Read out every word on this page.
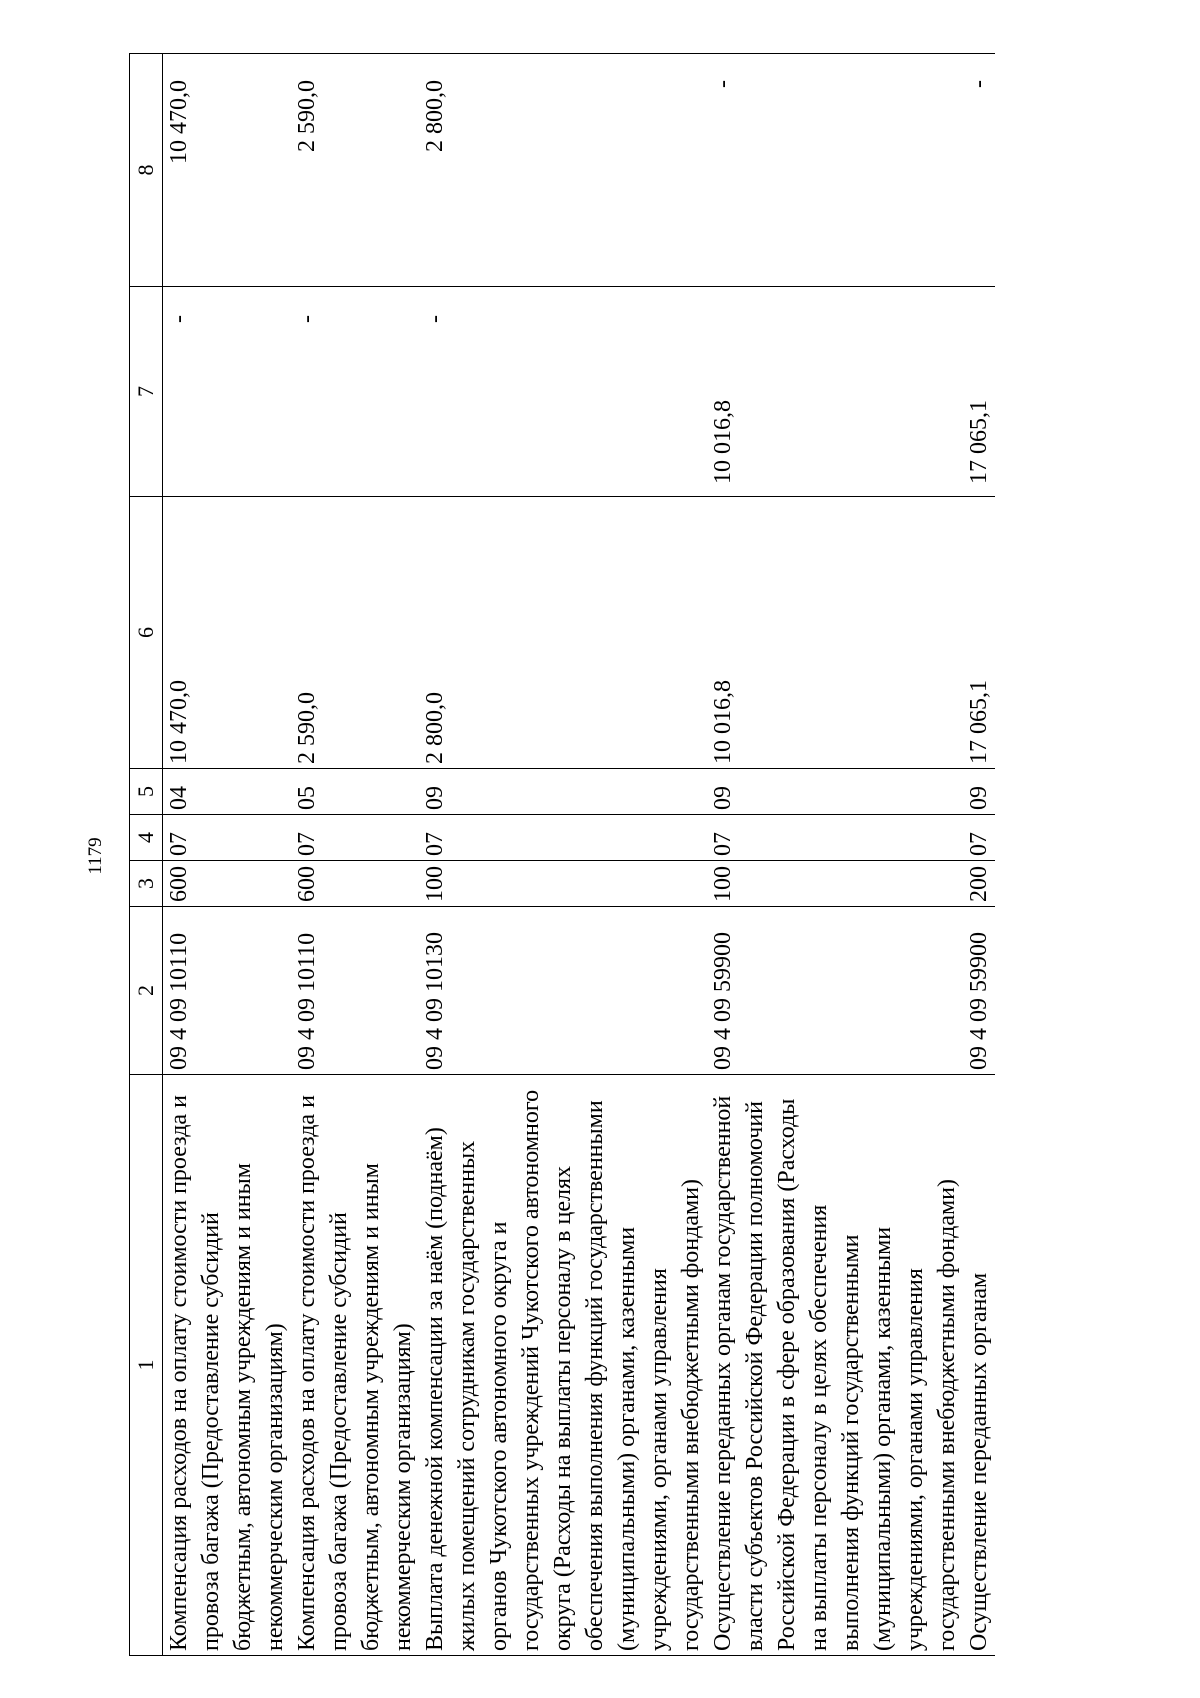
1179
1	2	3	4	5	6	7	8
Компенсация расходов на оплату стоимости проезда и провоза багажа (Предоставление субсидий бюджетным, автономным учреждениям и иным некоммерческим организациям)	09 4 09 10110	600	07	04	10 470,0	-	10 470,0
Компенсация расходов на оплату стоимости проезда и провоза багажа (Предоставление субсидий бюджетным, автономным учреждениям и иным некоммерческим организациям)	09 4 09 10110	600	07	05	2 590,0	-	2 590,0
Выплата денежной компенсации за наём (поднаём) жилых помещений сотрудникам государственных органов Чукотского автономного округа и государственных учреждений Чукотского автономного округа (Расходы на выплаты персоналу в целях обеспечения выполнения функций государственными (муниципальными) органами, казенными учреждениями, органами управления государственными внебюджетными фондами)	09 4 09 10130	100	07	09	2 800,0	-	2 800,0
Осуществление переданных органам государственной власти субъектов Российской Федерации полномочий Российской Федерации в сфере образования (Расходы на выплаты персоналу в целях обеспечения выполнения функций государственными (муниципальными) органами, казенными учреждениями, органами управления государственными внебюджетными фондами)	09 4 09 59900	100	07	09	10 016,8	10 016,8	-
Осуществление переданных органам	09 4 09 59900	200	07	09	17 065,1	17 065,1	-
